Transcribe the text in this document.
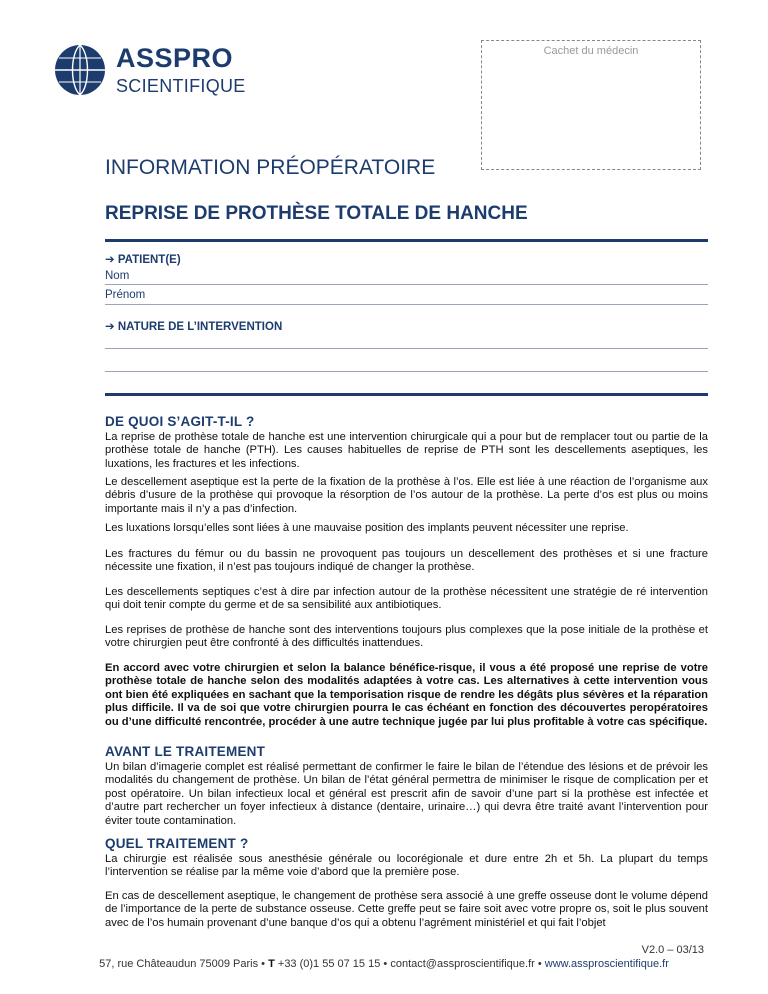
ASSPRO
SCIENTIFIQUE
Cachet du médecin
INFORMATION PRÉOPÉRATOIRE
REPRISE DE PROTHÈSE TOTALE DE HANCHE
➔ PATIENT(E)
Nom
Prénom
➔ NATURE DE L’INTERVENTION
DE QUOI S’AGIT-T-IL ?

La reprise de prothèse totale de hanche est une intervention chirurgicale qui a pour but de remplacer tout ou partie de la prothèse totale de hanche (PTH). Les causes habituelles de reprise de PTH sont les descellements aseptiques, les luxations, les fractures et les infections.

Le descellement aseptique est la perte de la fixation de la prothèse à l’os. Elle est liée à une réaction de l’organisme aux débris d’usure de la prothèse qui provoque la résorption de l’os autour de la prothèse. La perte d’os est plus ou moins importante mais il n’y a pas d’infection.

Les luxations lorsqu’elles sont liées à une mauvaise position des implants peuvent nécessiter une reprise.

Les fractures du fémur ou du bassin ne provoquent pas toujours un descellement des prothèses et si une fracture nécessite une fixation, il n’est pas toujours indiqué de changer la prothèse.

Les descellements septiques c’est à dire par infection autour de la prothèse nécessitent une stratégie de ré intervention qui doit tenir compte du germe et de sa sensibilité aux antibiotiques.

Les reprises de prothèse de hanche sont des interventions toujours plus complexes que la pose initiale de la prothèse et votre chirurgien peut être confronté à des difficultés inattendues.

En accord avec votre chirurgien et selon la balance bénéfice-risque, il vous a été proposé une reprise de votre prothèse totale de hanche selon des modalités adaptées à votre cas. Les alternatives à cette intervention vous ont bien été expliquées en sachant que la temporisation risque de rendre les dégâts plus sévères et la réparation plus difficile. Il va de soi que votre chirurgien pourra le cas échéant en fonction des découvertes peropératoires ou d’une difficulté rencontrée, procéder à une autre technique jugée par lui plus profitable à votre cas spécifique.

AVANT LE TRAITEMENT

Un bilan d’imagerie complet est réalisé permettant de confirmer le faire le bilan de l’étendue des lésions et de prévoir les modalités du changement de prothèse. Un bilan de l’état général permettra de minimiser le risque de complication per et post opératoire. Un bilan infectieux local et général est prescrit afin de savoir d’une part si la prothèse est infectée et d’autre part rechercher un foyer infectieux à distance (dentaire, urinaire…) qui devra être traité avant l’intervention pour éviter toute contamination.

QUEL TRAITEMENT ?

La chirurgie est réalisée sous anesthésie générale ou locorégionale et dure entre 2h et 5h. La plupart du temps l’intervention se réalise par la même voie d’abord que la première pose.

En cas de descellement aseptique, le changement de prothèse sera associé à une greffe osseuse dont le volume dépend de l’importance de la perte de substance osseuse. Cette greffe peut se faire soit avec votre propre os, soit le plus souvent avec de l’os humain provenant d’une banque d’os qui a obtenu l’agrément ministériel et qui fait l’objet

V2.0 – 03/13
57, rue Châteaudun 75009 Paris • T +33 (0)1 55 07 15 15 • contact@assproscientifique.fr • www.assproscientifique.fr
